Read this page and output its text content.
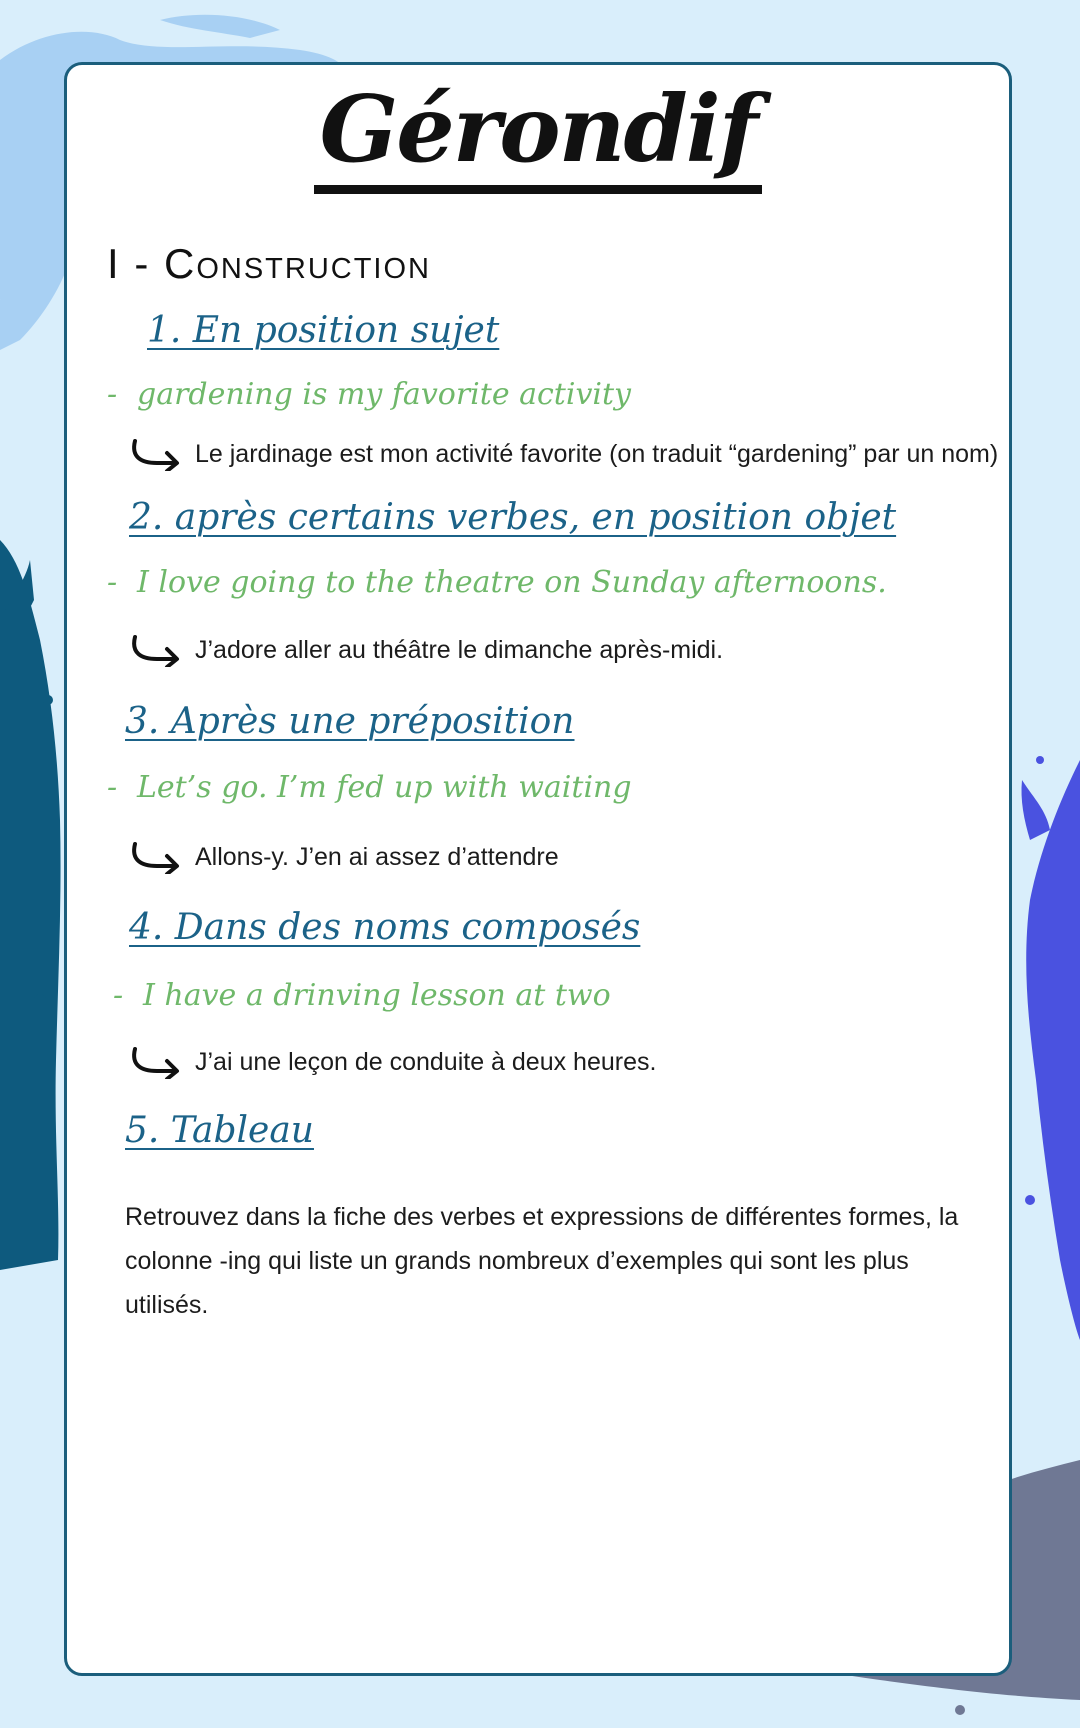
Gérondif
I - Construction
1. En position sujet
- gardening is my favorite activity
Le jardinage est mon activité favorite (on traduit “gardening” par un nom)
2. après certains verbes, en position objet
- I love going to the theatre on Sunday afternoons.
J’adore aller au théâtre le dimanche après-midi.
3. Après une préposition
- Let’s go. I’m fed up with waiting
Allons-y. J’en ai assez d’attendre
4. Dans des noms composés
- I have a drinving lesson at two
J’ai une leçon de conduite à deux heures.
5. Tableau
Retrouvez dans la fiche des verbes et expressions de différentes formes, la colonne -ing qui liste un grands nombreux d’exemples qui sont les plus utilisés.
